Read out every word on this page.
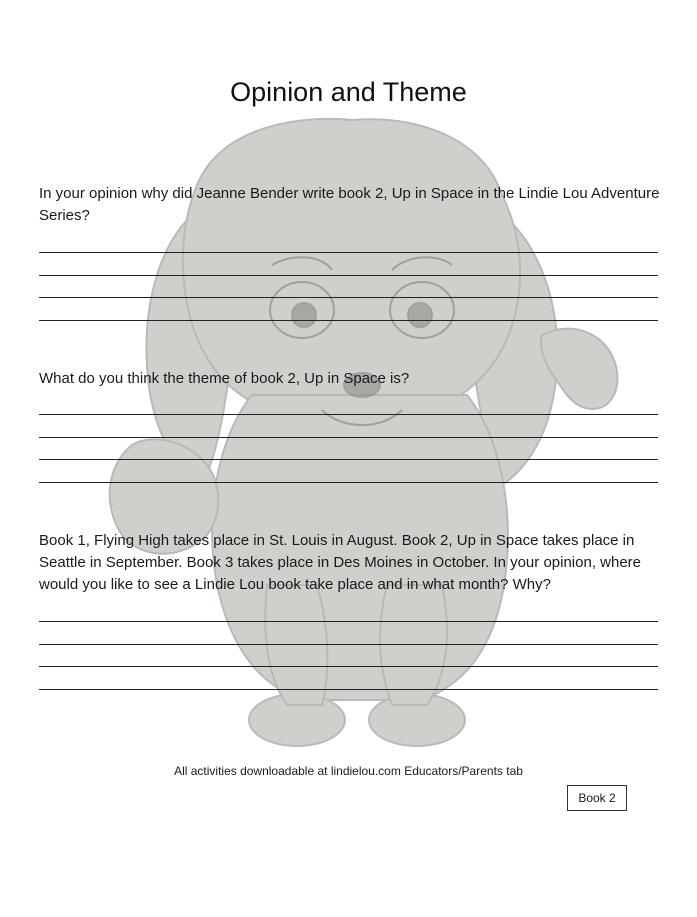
Opinion and Theme
In your opinion why did Jeanne Bender write book 2, Up in Space in the Lindie Lou Adventure Series?
What do you think the theme of book 2, Up in Space is?
Book 1, Flying High takes place in St. Louis in August. Book 2, Up in Space takes place in Seattle in September. Book 3 takes place in Des Moines in October. In your opinion, where would you like to see a Lindie Lou book take place and in what month? Why?
All activities downloadable at lindielou.com Educators/Parents tab
Book 2
